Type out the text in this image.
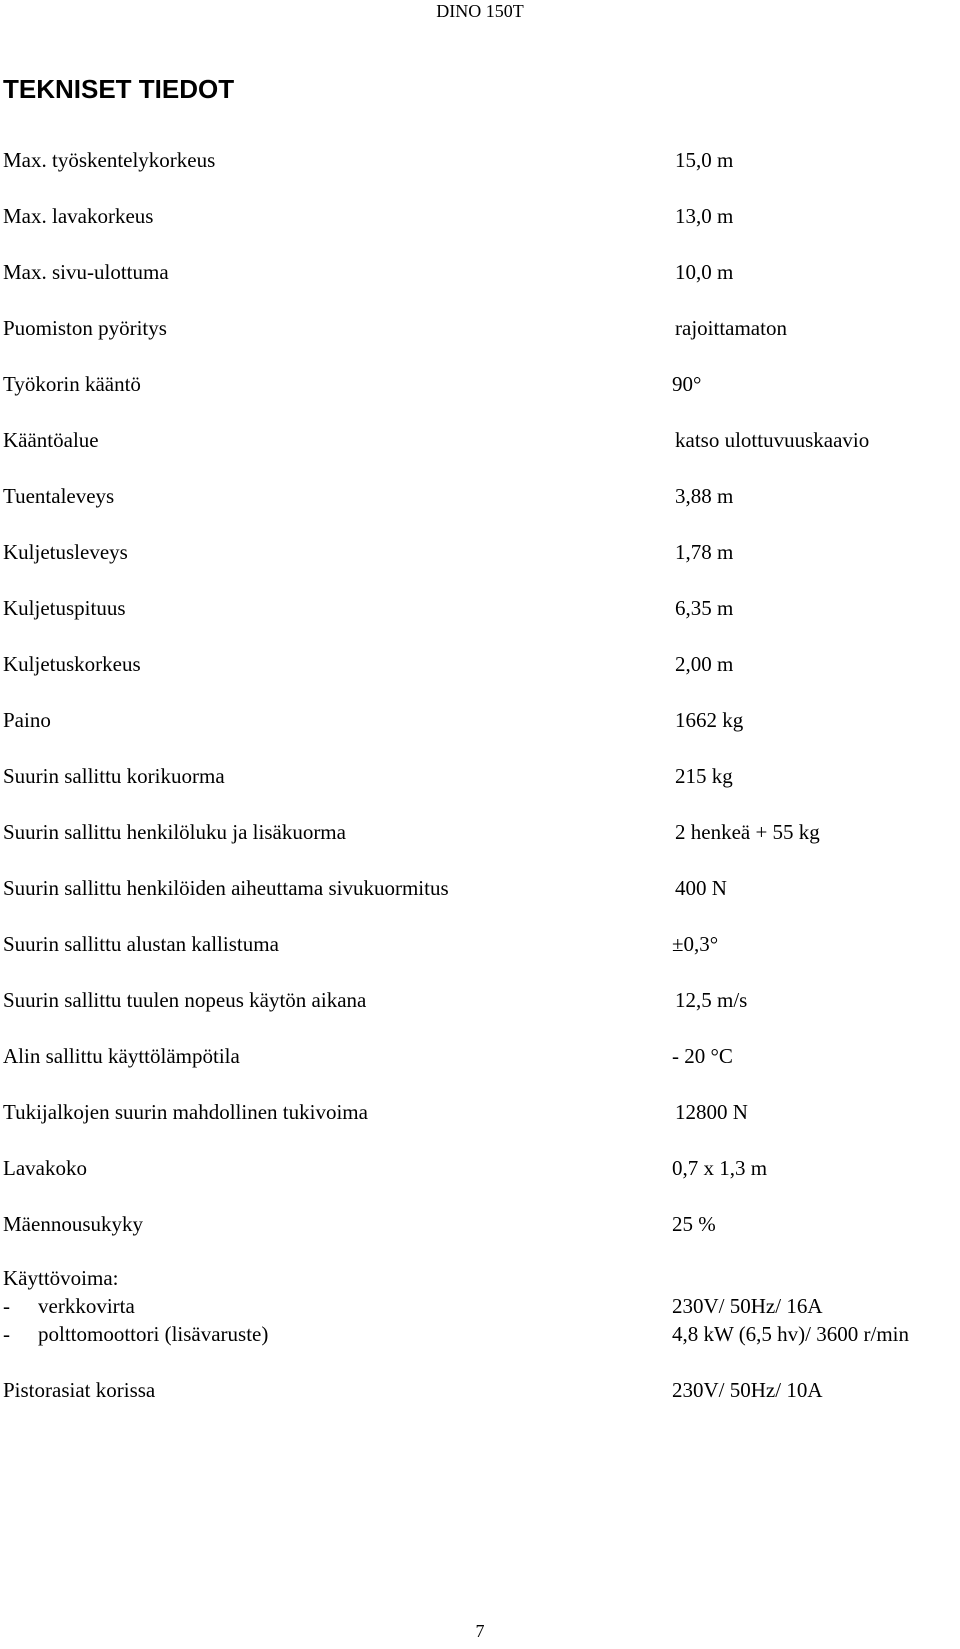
DINO 150T
TEKNISET TIEDOT
Max. työskentelykorkeus	15,0 m
Max. lavakorkeus	13,0 m
Max. sivu-ulottuma	10,0 m
Puomiston pyöritys	rajoittamaton
Työkorin kääntö	90°
Kääntöalue	katso ulottuvuuskaavio
Tuentaleveys	3,88 m
Kuljetusleveys	1,78 m
Kuljetuspituus	6,35 m
Kuljetuskorkeus	2,00 m
Paino	1662 kg
Suurin sallittu korikuorma	215 kg
Suurin sallittu henkilöluku ja lisäkuorma	2 henkeä + 55 kg
Suurin sallittu henkilöiden aiheuttama sivukuormitus	400 N
Suurin sallittu alustan kallistuma	±0,3°
Suurin sallittu tuulen nopeus käytön aikana	12,5 m/s
Alin sallittu käyttölämpötila	- 20 °C
Tukijalkojen suurin mahdollinen tukivoima	12800 N
Lavakoko	0,7 x 1,3 m
Mäennousukyky	25 %
Käyttövoima:
- verkkovirta	230V/ 50Hz/ 16A
- polttomoottori (lisävaruste)	4,8 kW (6,5 hv)/ 3600 r/min
Pistorasiat korissa	230V/ 50Hz/ 10A
7
